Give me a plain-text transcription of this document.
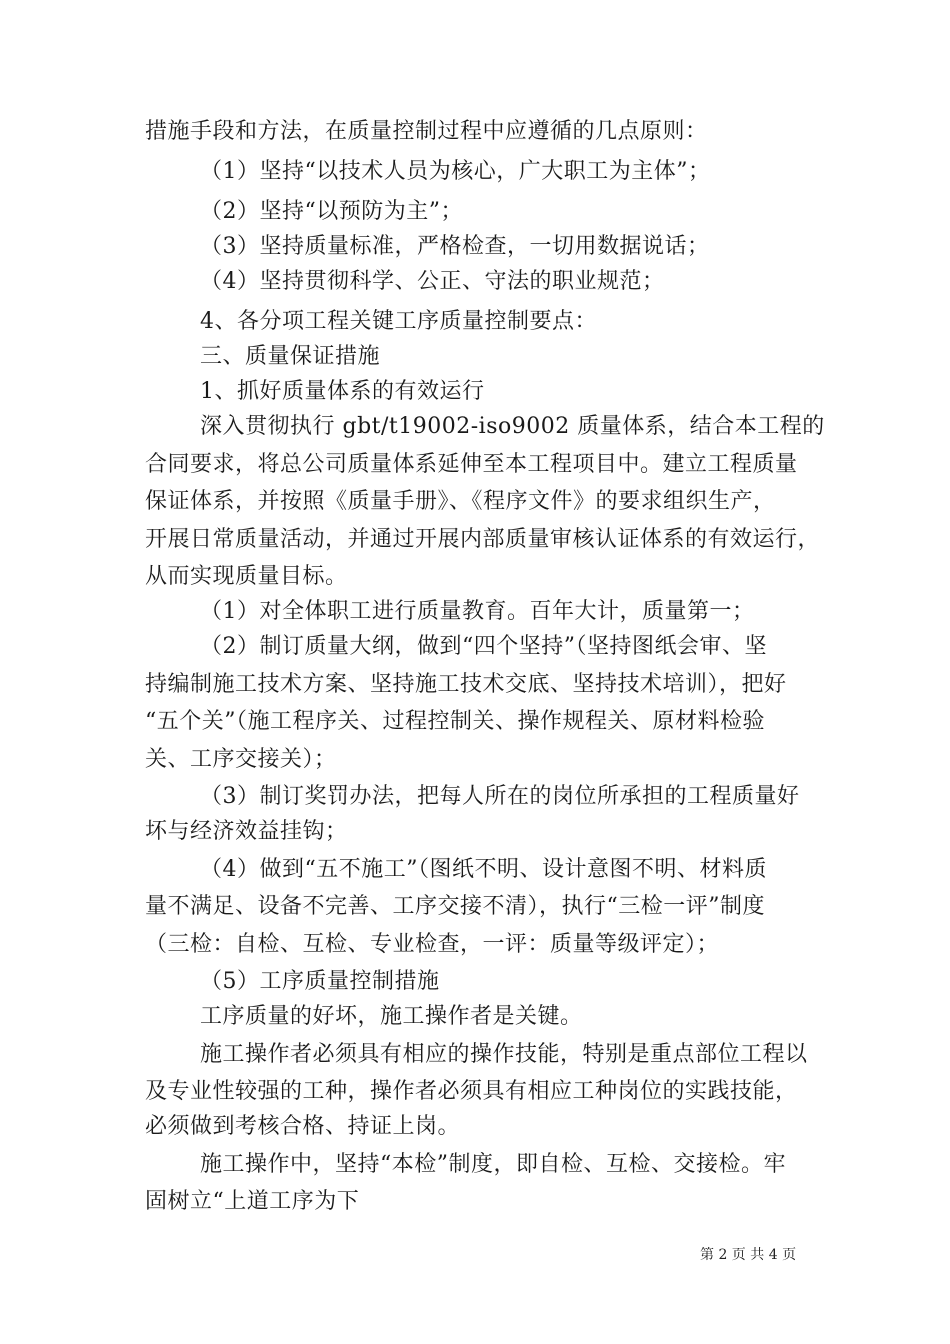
措施手段和方法，在质量控制过程中应遵循的几点原则：
（1）坚持“以技术人员为核心，广大职工为主体”；
（2）坚持“以预防为主”；
（3）坚持质量标准，严格检查，一切用数据说话；
（4）坚持贯彻科学、公正、守法的职业规范；
4、各分项工程关键工序质量控制要点：
三、质量保证措施
1、抓好质量体系的有效运行
深入贯彻执行 gbt/t19002-iso9002 质量体系，结合本工程的
合同要求，将总公司质量体系延伸至本工程项目中。建立工程质量
保证体系，并按照《质量手册》、《程序文件》的要求组织生产，
开展日常质量活动，并通过开展内部质量审核认证体系的有效运行，
从而实现质量目标。
（1）对全体职工进行质量教育。百年大计，质量第一；
（2）制订质量大纲，做到“四个坚持”（坚持图纸会审、坚
持编制施工技术方案、坚持施工技术交底、坚持技术培训），把好
“五个关”（施工程序关、过程控制关、操作规程关、原材料检验
关、工序交接关）；
（3）制订奖罚办法，把每人所在的岗位所承担的工程质量好
坏与经济效益挂钩；
（4）做到“五不施工”（图纸不明、设计意图不明、材料质
量不满足、设备不完善、工序交接不清），执行“三检一评”制度
（三检：自检、互检、专业检查，一评：质量等级评定）；
（5）工序质量控制措施
工序质量的好坏，施工操作者是关键。
施工操作者必须具有相应的操作技能，特别是重点部位工程以
及专业性较强的工种，操作者必须具有相应工种岗位的实践技能，
必须做到考核合格、持证上岗。
施工操作中，坚持“本检”制度，即自检、互检、交接检。牢
固树立“上道工序为下
第 2 页 共 4 页
